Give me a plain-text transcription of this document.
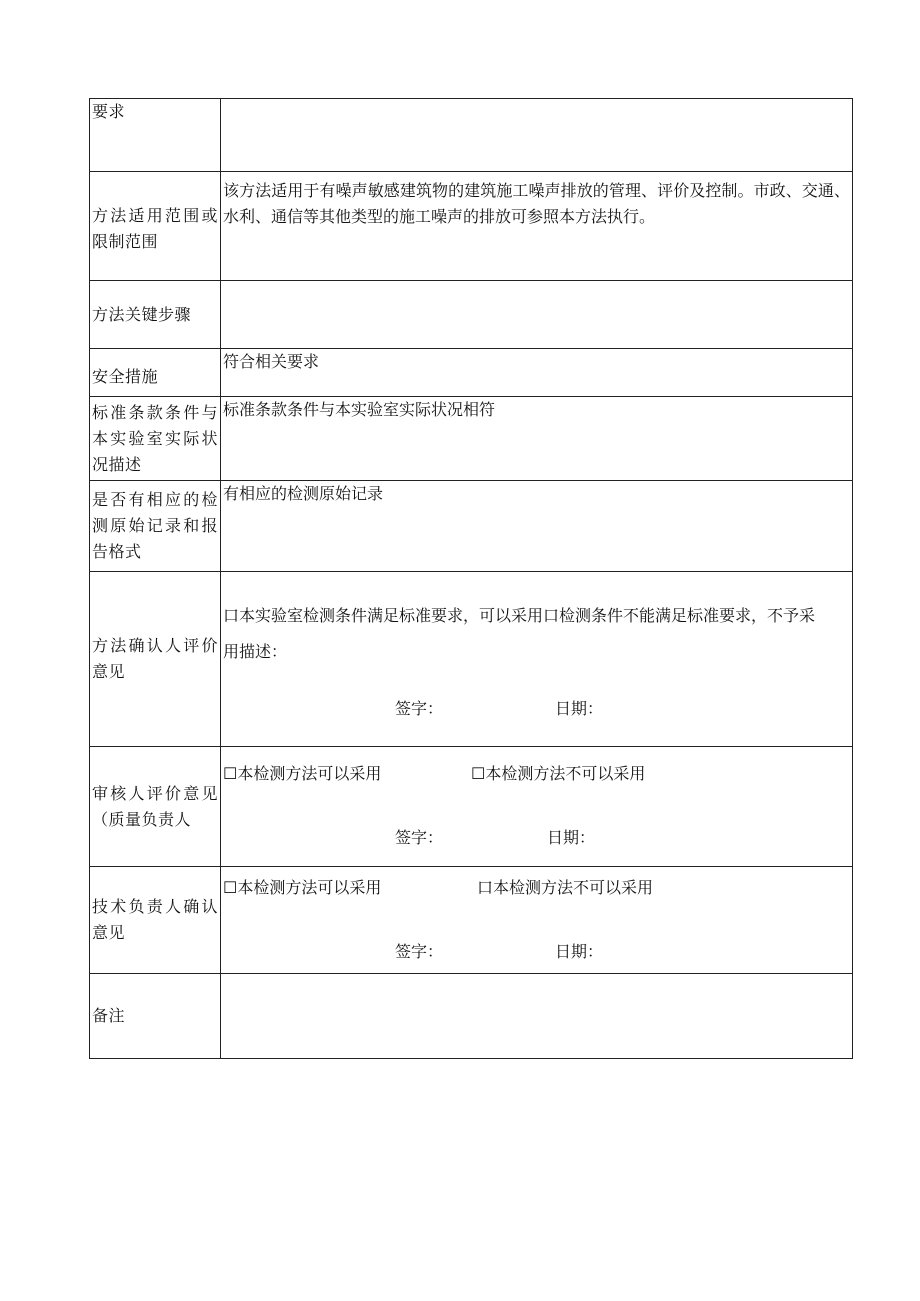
要求	
方法适用范围或限制范围	该方法适用于有噪声敏感建筑物的建筑施工噪声排放的管理、评价及控制。市政、交通、水利、通信等其他类型的施工噪声的排放可参照本方法执行。
方法关键步骤	
安全措施	符合相关要求
标准条款条件与本实验室实际状况描述	标准条款条件与本实验室实际状况相符
是否有相应的检测原始记录和报告格式	有相应的检测原始记录
方法确认人评价意见	口本实验室检测条件满足标准要求，可以采用口检测条件不能满足标准要求，不予采用描述：
签字： 日期：

审核人评价意见（质量负责人	☐本检测方法可以采用 ☐本检测方法不可以采用
签字： 日期：

技术负责人确认意见	☐本检测方法可以采用 口本检测方法不可以采用
签字： 日期：

备注	
